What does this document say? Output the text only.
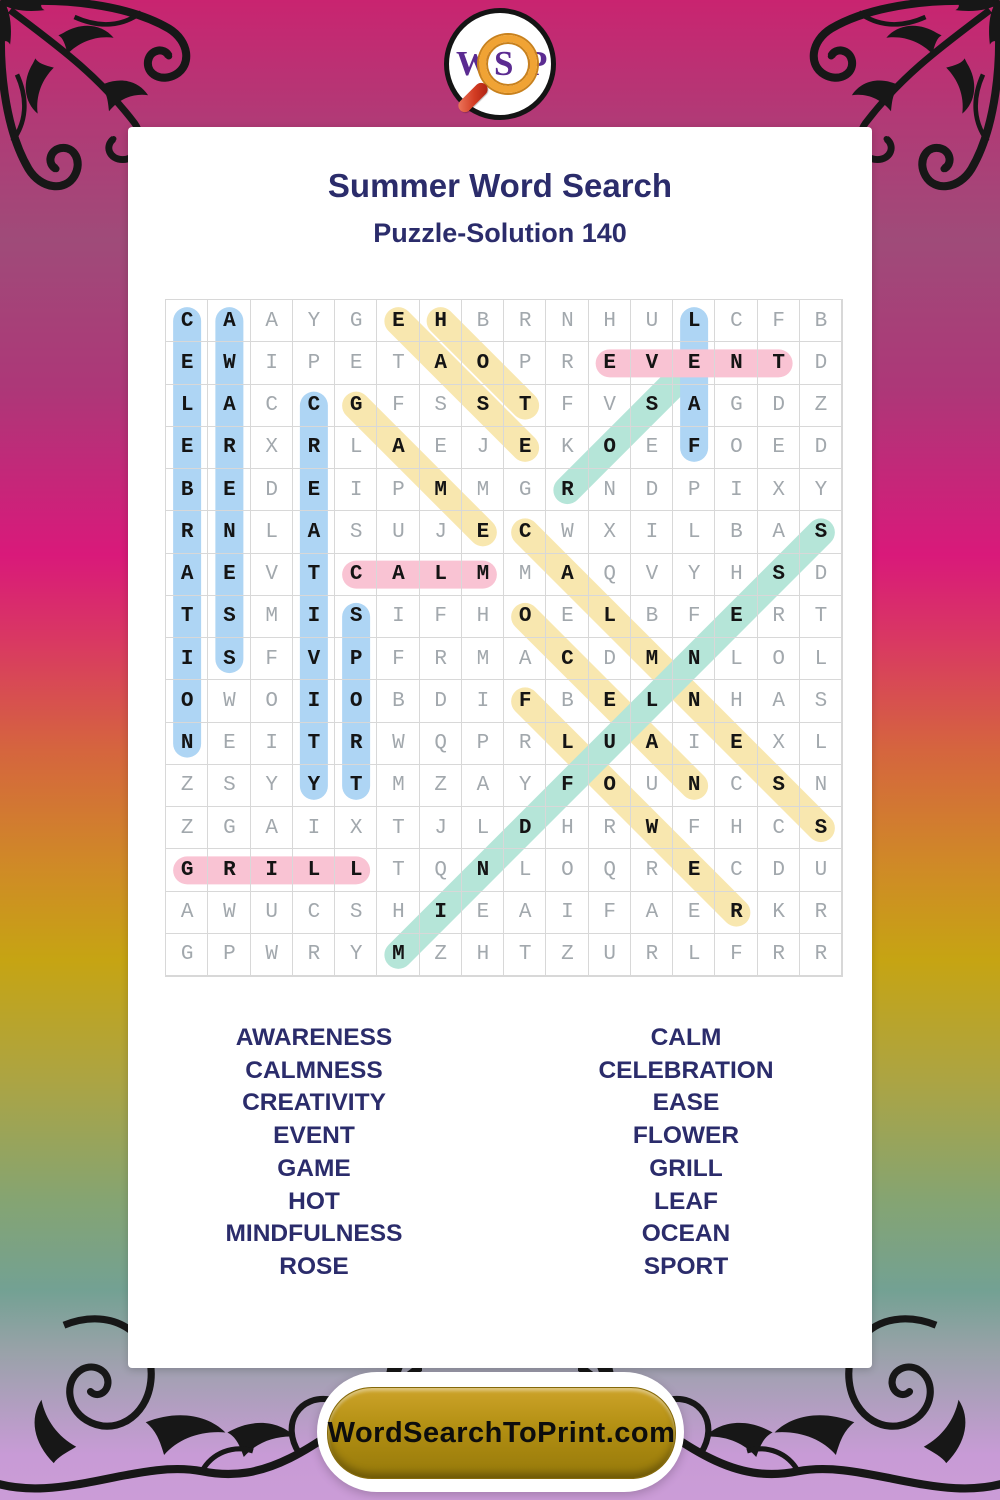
W S P
Summer Word Search
Puzzle-Solution 140
C	A	A	Y	G	E	H	B	R	N	H	U	L	C	F	B
E	W	I	P	E	T	A	O	P	R	E	V	E	N	T	D
L	A	C	C	G	F	S	S	T	F	V	S	A	G	D	Z
E	R	X	R	L	A	E	J	E	K	O	E	F	O	E	D
B	E	D	E	I	P	M	M	G	R	N	D	P	I	X	Y
R	N	L	A	S	U	J	E	C	W	X	I	L	B	A	S
A	E	V	T	C	A	L	M	M	A	Q	V	Y	H	S	D
T	S	M	I	S	I	F	H	O	E	L	B	F	E	R	T
I	S	F	V	P	F	R	M	A	C	D	M	N	L	O	L
O	W	O	I	O	B	D	I	F	B	E	L	N	H	A	S
N	E	I	T	R	W	Q	P	R	L	U	A	I	E	X	L
Z	S	Y	Y	T	M	Z	A	Y	F	O	U	N	C	S	N
Z	G	A	I	X	T	J	L	D	H	R	W	F	H	C	S
G	R	I	L	L	T	Q	N	L	O	Q	R	E	C	D	U
A	W	U	C	S	H	I	E	A	I	F	A	E	R	K	R
G	P	W	R	Y	M	Z	H	T	Z	U	R	L	F	R	R
AWARENESS
CALMNESS
CREATIVITY
EVENT
GAME
HOT
MINDFULNESS
ROSE
CALM
CELEBRATION
EASE
FLOWER
GRILL
LEAF
OCEAN
SPORT
WordSearchToPrint.com
